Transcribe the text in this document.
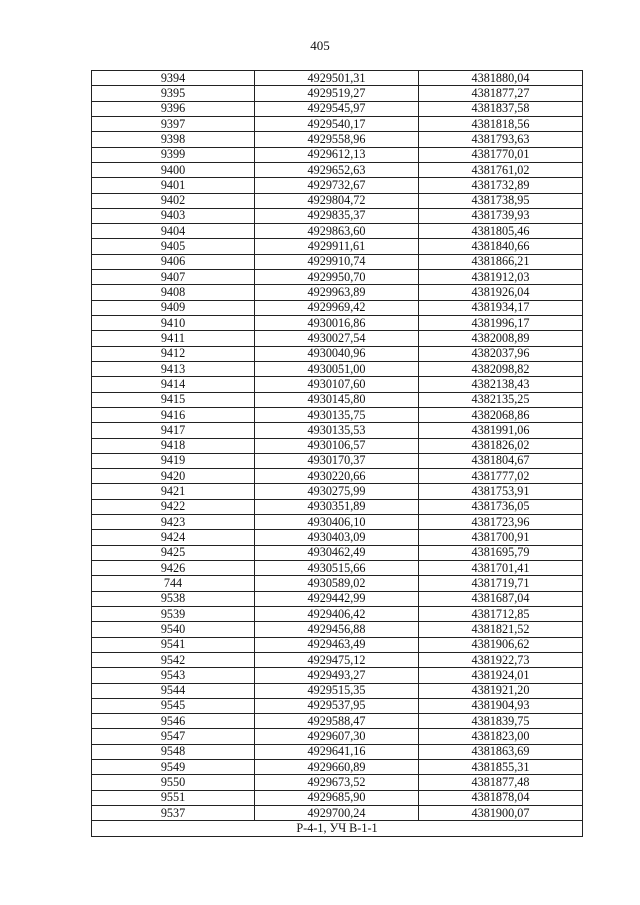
405
9394	4929501,31	4381880,04
9395	4929519,27	4381877,27
9396	4929545,97	4381837,58
9397	4929540,17	4381818,56
9398	4929558,96	4381793,63
9399	4929612,13	4381770,01
9400	4929652,63	4381761,02
9401	4929732,67	4381732,89
9402	4929804,72	4381738,95
9403	4929835,37	4381739,93
9404	4929863,60	4381805,46
9405	4929911,61	4381840,66
9406	4929910,74	4381866,21
9407	4929950,70	4381912,03
9408	4929963,89	4381926,04
9409	4929969,42	4381934,17
9410	4930016,86	4381996,17
9411	4930027,54	4382008,89
9412	4930040,96	4382037,96
9413	4930051,00	4382098,82
9414	4930107,60	4382138,43
9415	4930145,80	4382135,25
9416	4930135,75	4382068,86
9417	4930135,53	4381991,06
9418	4930106,57	4381826,02
9419	4930170,37	4381804,67
9420	4930220,66	4381777,02
9421	4930275,99	4381753,91
9422	4930351,89	4381736,05
9423	4930406,10	4381723,96
9424	4930403,09	4381700,91
9425	4930462,49	4381695,79
9426	4930515,66	4381701,41
744	4930589,02	4381719,71
9538	4929442,99	4381687,04
9539	4929406,42	4381712,85
9540	4929456,88	4381821,52
9541	4929463,49	4381906,62
9542	4929475,12	4381922,73
9543	4929493,27	4381924,01
9544	4929515,35	4381921,20
9545	4929537,95	4381904,93
9546	4929588,47	4381839,75
9547	4929607,30	4381823,00
9548	4929641,16	4381863,69
9549	4929660,89	4381855,31
9550	4929673,52	4381877,48
9551	4929685,90	4381878,04
9537	4929700,24	4381900,07
Р-4-1, УЧ В-1-1		
